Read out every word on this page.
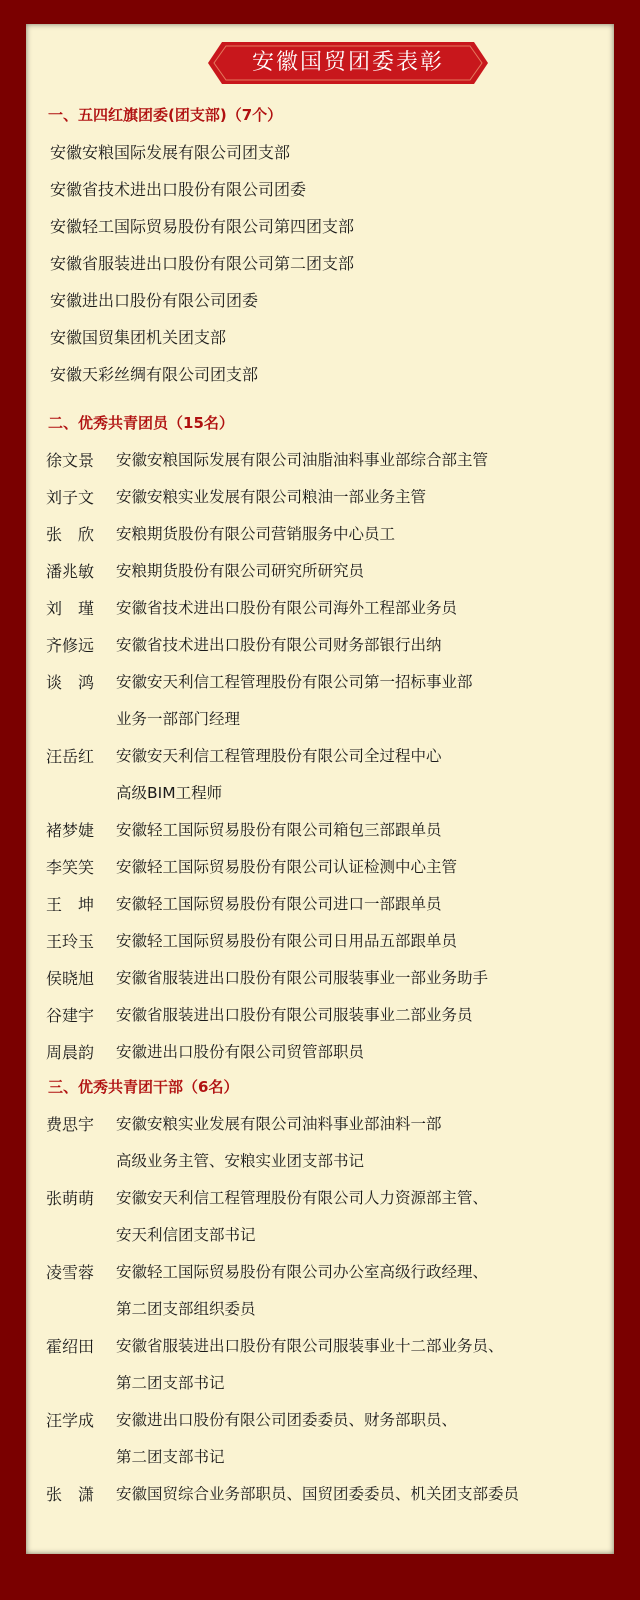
安徽国贸团委表彰
一、五四红旗团委(团支部)（7个）
安徽安粮国际发展有限公司团支部
安徽省技术进出口股份有限公司团委
安徽轻工国际贸易股份有限公司第四团支部
安徽省服装进出口股份有限公司第二团支部
安徽进出口股份有限公司团委
安徽国贸集团机关团支部
安徽天彩丝绸有限公司团支部
二、优秀共青团员（15名）
徐文景	安徽安粮国际发展有限公司油脂油料事业部综合部主管
刘子文	安徽安粮实业发展有限公司粮油一部业务主管
张　欣	安粮期货股份有限公司营销服务中心员工
潘兆敏	安粮期货股份有限公司研究所研究员
刘　瑾	安徽省技术进出口股份有限公司海外工程部业务员
齐修远	安徽省技术进出口股份有限公司财务部银行出纳
谈　鸿	安徽安天利信工程管理股份有限公司第一招标事业部
业务一部部门经理
汪岳红	安徽安天利信工程管理股份有限公司全过程中心
高级BIM工程师
褚梦婕	安徽轻工国际贸易股份有限公司箱包三部跟单员
李笑笑	安徽轻工国际贸易股份有限公司认证检测中心主管
王　坤	安徽轻工国际贸易股份有限公司进口一部跟单员
王玲玉	安徽轻工国际贸易股份有限公司日用品五部跟单员
侯晓旭	安徽省服装进出口股份有限公司服装事业一部业务助手
谷建宇	安徽省服装进出口股份有限公司服装事业二部业务员
周晨韵	安徽进出口股份有限公司贸管部职员
三、优秀共青团干部（6名）
费思宇	安徽安粮实业发展有限公司油料事业部油料一部
高级业务主管、安粮实业团支部书记
张萌萌	安徽安天利信工程管理股份有限公司人力资源部主管、
安天利信团支部书记
凌雪蓉	安徽轻工国际贸易股份有限公司办公室高级行政经理、
第二团支部组织委员
霍绍田	安徽省服装进出口股份有限公司服装事业十二部业务员、
第二团支部书记
汪学成	安徽进出口股份有限公司团委委员、财务部职员、
第二团支部书记
张　潇	安徽国贸综合业务部职员、国贸团委委员、机关团支部委员
